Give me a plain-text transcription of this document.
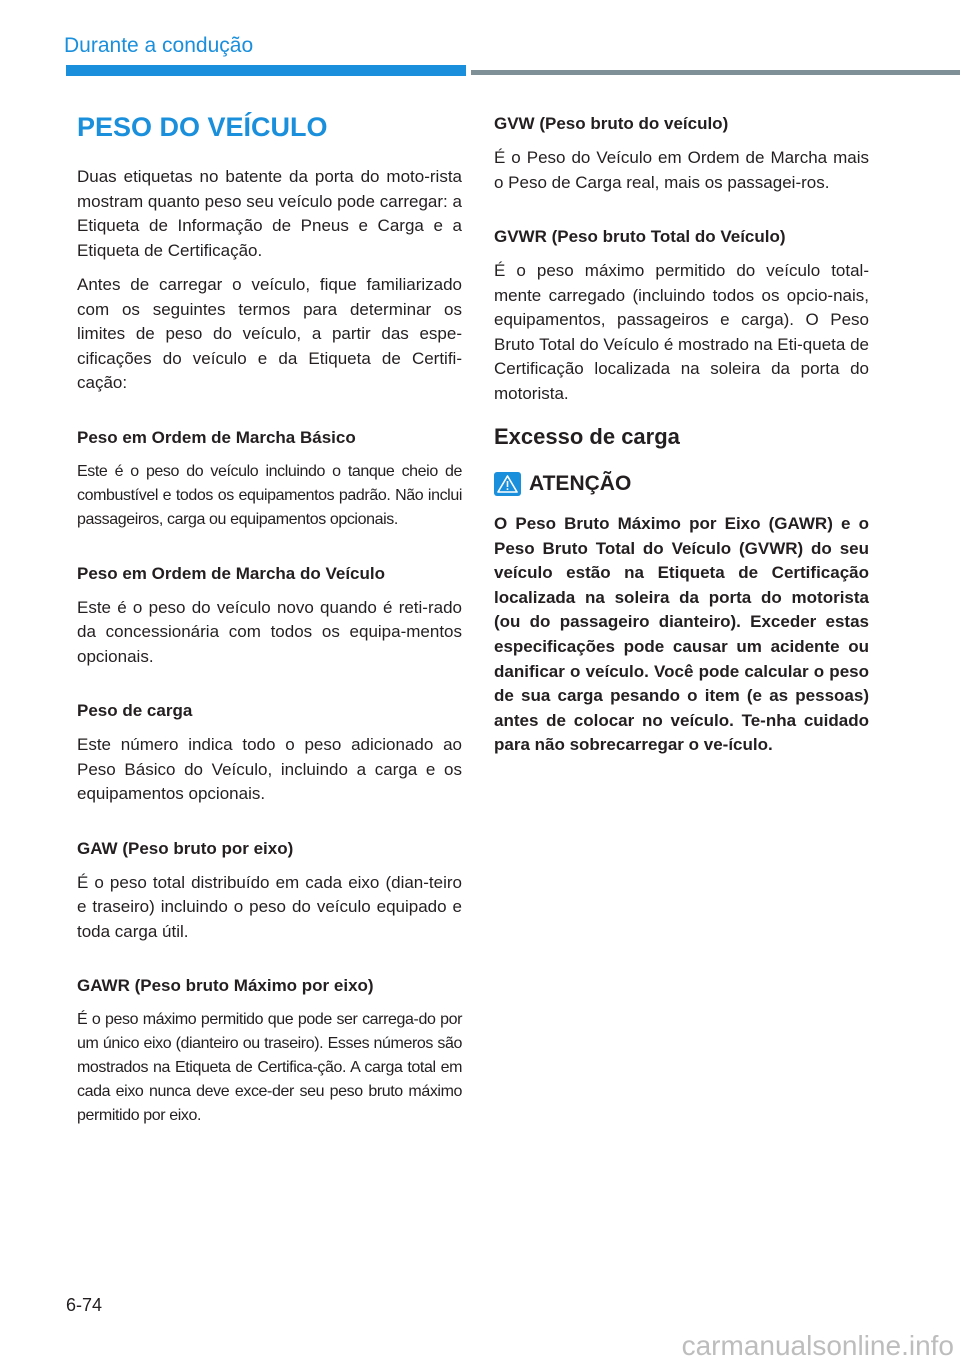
Durante a condução
PESO DO VEÍCULO

Duas etiquetas no batente da porta do moto-rista mostram quanto peso seu veículo pode carregar: a Etiqueta de Informação de Pneus e Carga e a Etiqueta de Certificação.

Antes de carregar o veículo, fique familiarizado com os seguintes termos para determinar os limites de peso do veículo, a partir das espe-cificações do veículo e da Etiqueta de Certifi-cação:

Peso em Ordem de Marcha Básico

Este é o peso do veículo incluindo o tanque cheio de combustível e todos os equipamentos padrão. Não inclui passageiros, carga ou equipamentos opcionais.

Peso em Ordem de Marcha do Veículo

Este é o peso do veículo novo quando é reti-rado da concessionária com todos os equipa-mentos opcionais.

Peso de carga

Este número indica todo o peso adicionado ao Peso Básico do Veículo, incluindo a carga e os equipamentos opcionais.

GAW (Peso bruto por eixo)

É o peso total distribuído em cada eixo (dian-teiro e traseiro) incluindo o peso do veículo equipado e toda carga útil.

GAWR (Peso bruto Máximo por eixo)

É o peso máximo permitido que pode ser carrega-do por um único eixo (dianteiro ou traseiro). Esses números são mostrados na Etiqueta de Certifica-ção. A carga total em cada eixo nunca deve exce-der seu peso bruto máximo permitido por eixo.

GVW (Peso bruto do veículo)

É o Peso do Veículo em Ordem de Marcha mais o Peso de Carga real, mais os passagei-ros.

GVWR (Peso bruto Total do Veículo)

É o peso máximo permitido do veículo total-mente carregado (incluindo todos os opcio-nais, equipamentos, passageiros e carga). O Peso Bruto Total do Veículo é mostrado na Eti-queta de Certificação localizada na soleira da porta do motorista.

Excesso de carga
ATENÇÃO

O Peso Bruto Máximo por Eixo (GAWR) e o Peso Bruto Total do Veículo (GVWR) do seu veículo estão na Etiqueta de Certificação localizada na soleira da porta do motorista (ou do passageiro dianteiro). Exceder estas especificações pode causar um acidente ou danificar o veículo. Você pode calcular o peso de sua carga pesando o item (e as pessoas) antes de colocar no veículo. Te-nha cuidado para não sobrecarregar o ve-ículo.

6-74
carmanualsonline.info
